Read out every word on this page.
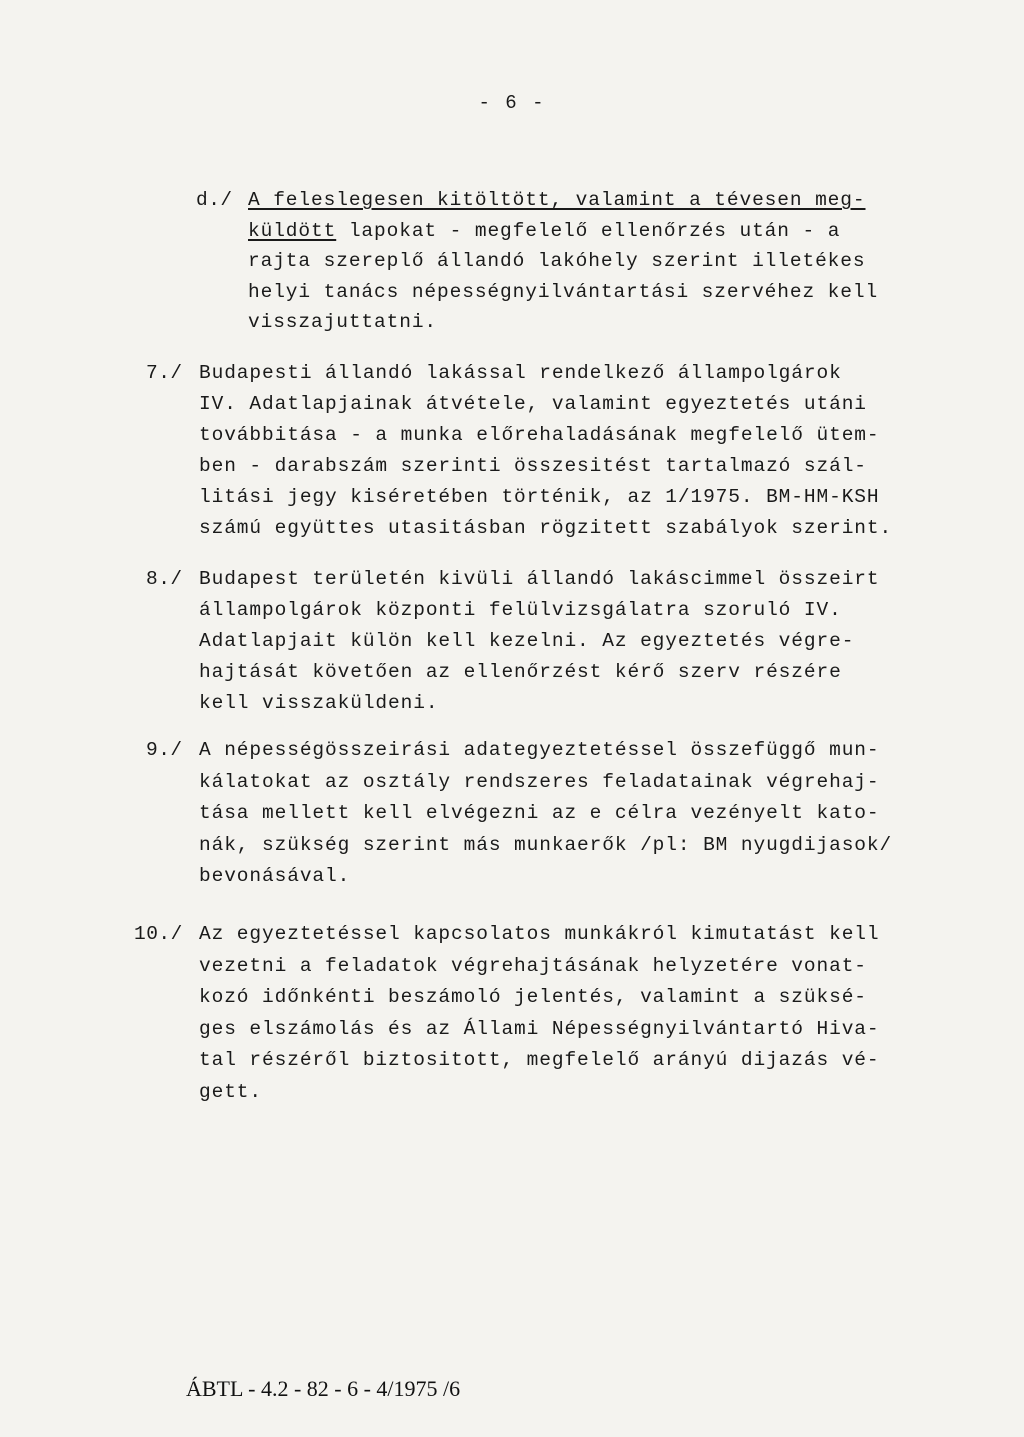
- 6 -
d./ A feleslegesen kitöltött, valamint a tévesen meg-
küldött lapokat - megfelelő ellenőrzés után - a
rajta szereplő állandó lakóhely szerint illetékes
helyi tanács népességnyilvántartási szervéhez kell
visszajuttatni.
7./ Budapesti állandó lakással rendelkező állampolgárok
IV. Adatlapjainak átvétele, valamint egyeztetés utáni
továbbitása - a munka előrehaladásának megfelelő ütem-
ben - darabszám szerinti összesitést tartalmazó szál-
litási jegy kiséretében történik, az 1/1975. BM-HM-KSH
számú együttes utasitásban rögzitett szabályok szerint.
8./ Budapest területén kivüli állandó lakáscimmel összeirt
állampolgárok központi felülvizsgálatra szoruló IV.
Adatlapjait külön kell kezelni. Az egyeztetés végre-
hajtását követően az ellenőrzést kérő szerv részére
kell visszaküldeni.
9./ A népességösszeirási adategyeztetéssel összefüggő mun-
kálatokat az osztály rendszeres feladatainak végrehaj-
tása mellett kell elvégezni az e célra vezényelt kato-
nák, szükség szerint más munkaerők /pl: BM nyugdijasok/
bevonásával.
10./ Az egyeztetéssel kapcsolatos munkákról kimutatást kell
vezetni a feladatok végrehajtásának helyzetére vonat-
kozó időnkénti beszámoló jelentés, valamint a szüksé-
ges elszámolás és az Állami Népességnyilvántartó Hiva-
tal részéről biztositott, megfelelő arányú dijazás vé-
gett.
ÁBTL - 4.2 - 82 - 6 - 4/1975 /6
